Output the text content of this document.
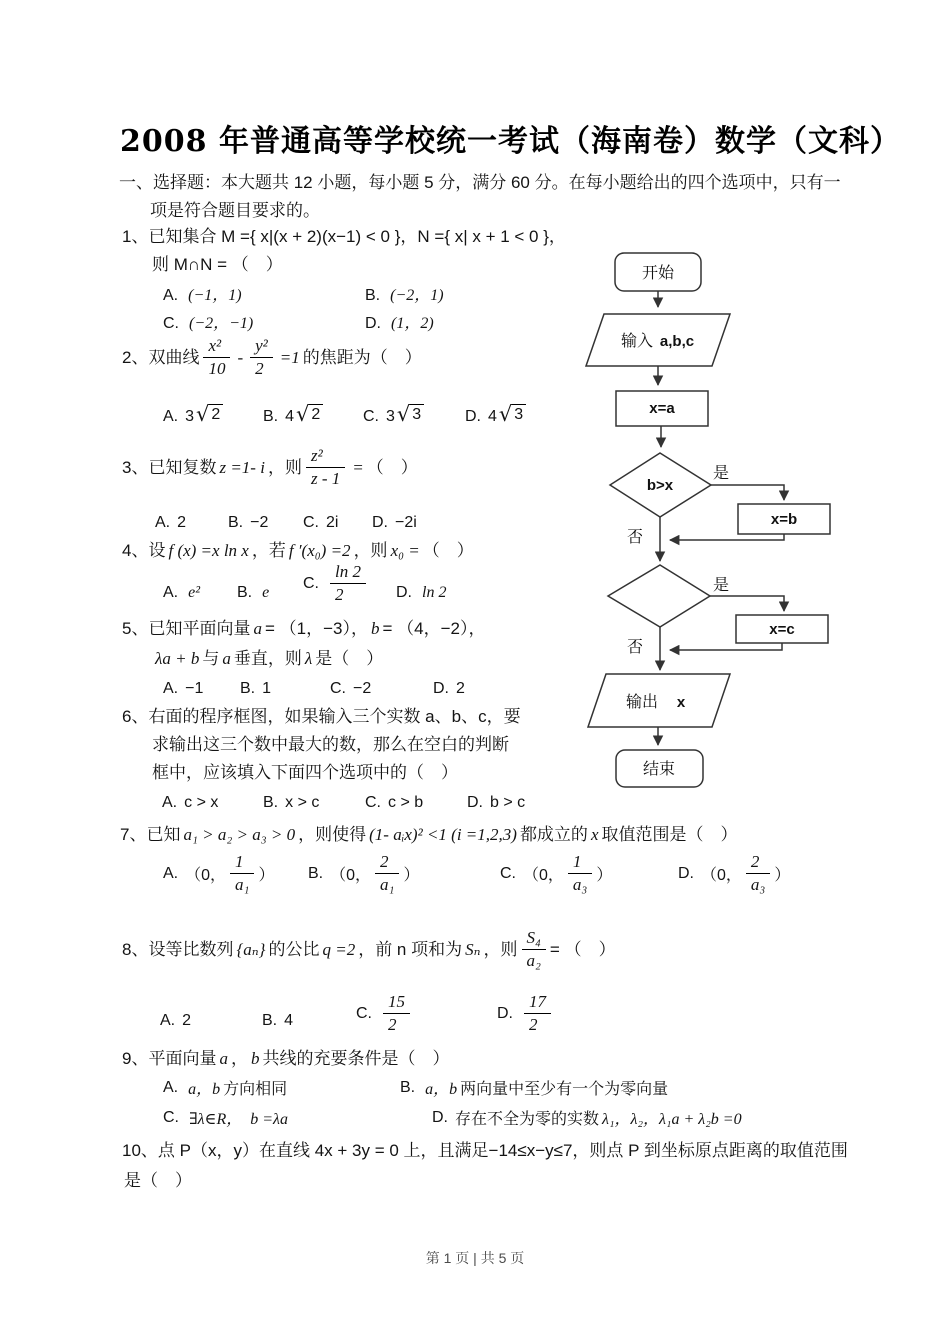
2008 年普通高等学校统一考试（海南卷）数学（文科）
一、选择题：本大题共 12 小题，每小题 5 分，满分 60 分。在每小题给出的四个选项中，只有一
项是符合题目要求的。
1、已知集合 M ={ x|(x + 2)(x−1) < 0 }，N ={ x| x + 1 < 0 }，
则 M∩N = （　）
A. (−1，1)	B. (−2，1)
C. (−2，−1)	D. (1，2)
2、双曲线 $\frac{\text{x²}}{10} - \frac{\text{y²}}{2} =1$ 的焦距为（　）
A. 3 √ 2	B. 4 √ 2	C. 3 √ 3	D. 4 √ 3
3、已知复数 z =1- i ，则 $\frac{\text{z²}}{z - 1}$ = （　）
A. 2	B. −2 C. 2i D. −2i
4、设 f (x) =x ln x ，若 f ′(x₀) =2 ，则 x₀ = （　）
A. e² B. e
C. $\frac{\ln 2}{2} D$. ln 2
5、已知平面向量 a = （1，−3）， b = （4，−2），
λa + b 与 a 垂直，则 λ 是（　）
A. −1 B. 1	C. −2	D. 2
6、右面的程序框图，如果输入三个实数 a、b、c，要
求输出这三个数中最大的数，那么在空白的判断
框中，应该填入下面四个选项中的（　）
A. c > x	B. x > c	C. c > b	D. b > c
7、已知 a₁ > a₂ > a₃ > 0 ，则使得 (1- aᵢx)² <1 (i =1,2,3) 都成立的 x 取值范围是（　）
A. （0， $\frac{1}{\text{a₁}}$ ） B. （0， $\frac{2}{\text{a₁}}$ ）	C. （0， $\frac{1}{\text{a₃}}$ ）	D. （0， $\frac{2}{\text{a₃}}$ ）
8、设等比数列 {aₙ} 的公比 q =2 ，前 n 项和为 Sₙ ，则 $\frac{\text{S₄}}{\text{a₂}}$ = （　）
A. 2	B. 4	C. $\frac{15}{2}$	D. $\frac{17}{2}$
9、平面向量 a ， b 共线的充要条件是（　）
A. a，b 方向相同	B. a，b 两向量中至少有一个为零向量
C. ∃λ∈R，　b =λa	D. 存在不全为零的实数 λ₁，λ₂，λ₁a + λ₂b =0
10、点 P（x，y）在直线 4x + 3y = 0 上，且满足−14≤x−y≤7，则点 P 到坐标原点距离的取值范围
是（　）
第 1 页 | 共 5 页
开始
输入 a,b,c
x=a
b>x
是
x=b
否
是
x=c
否
输出 x
结束
